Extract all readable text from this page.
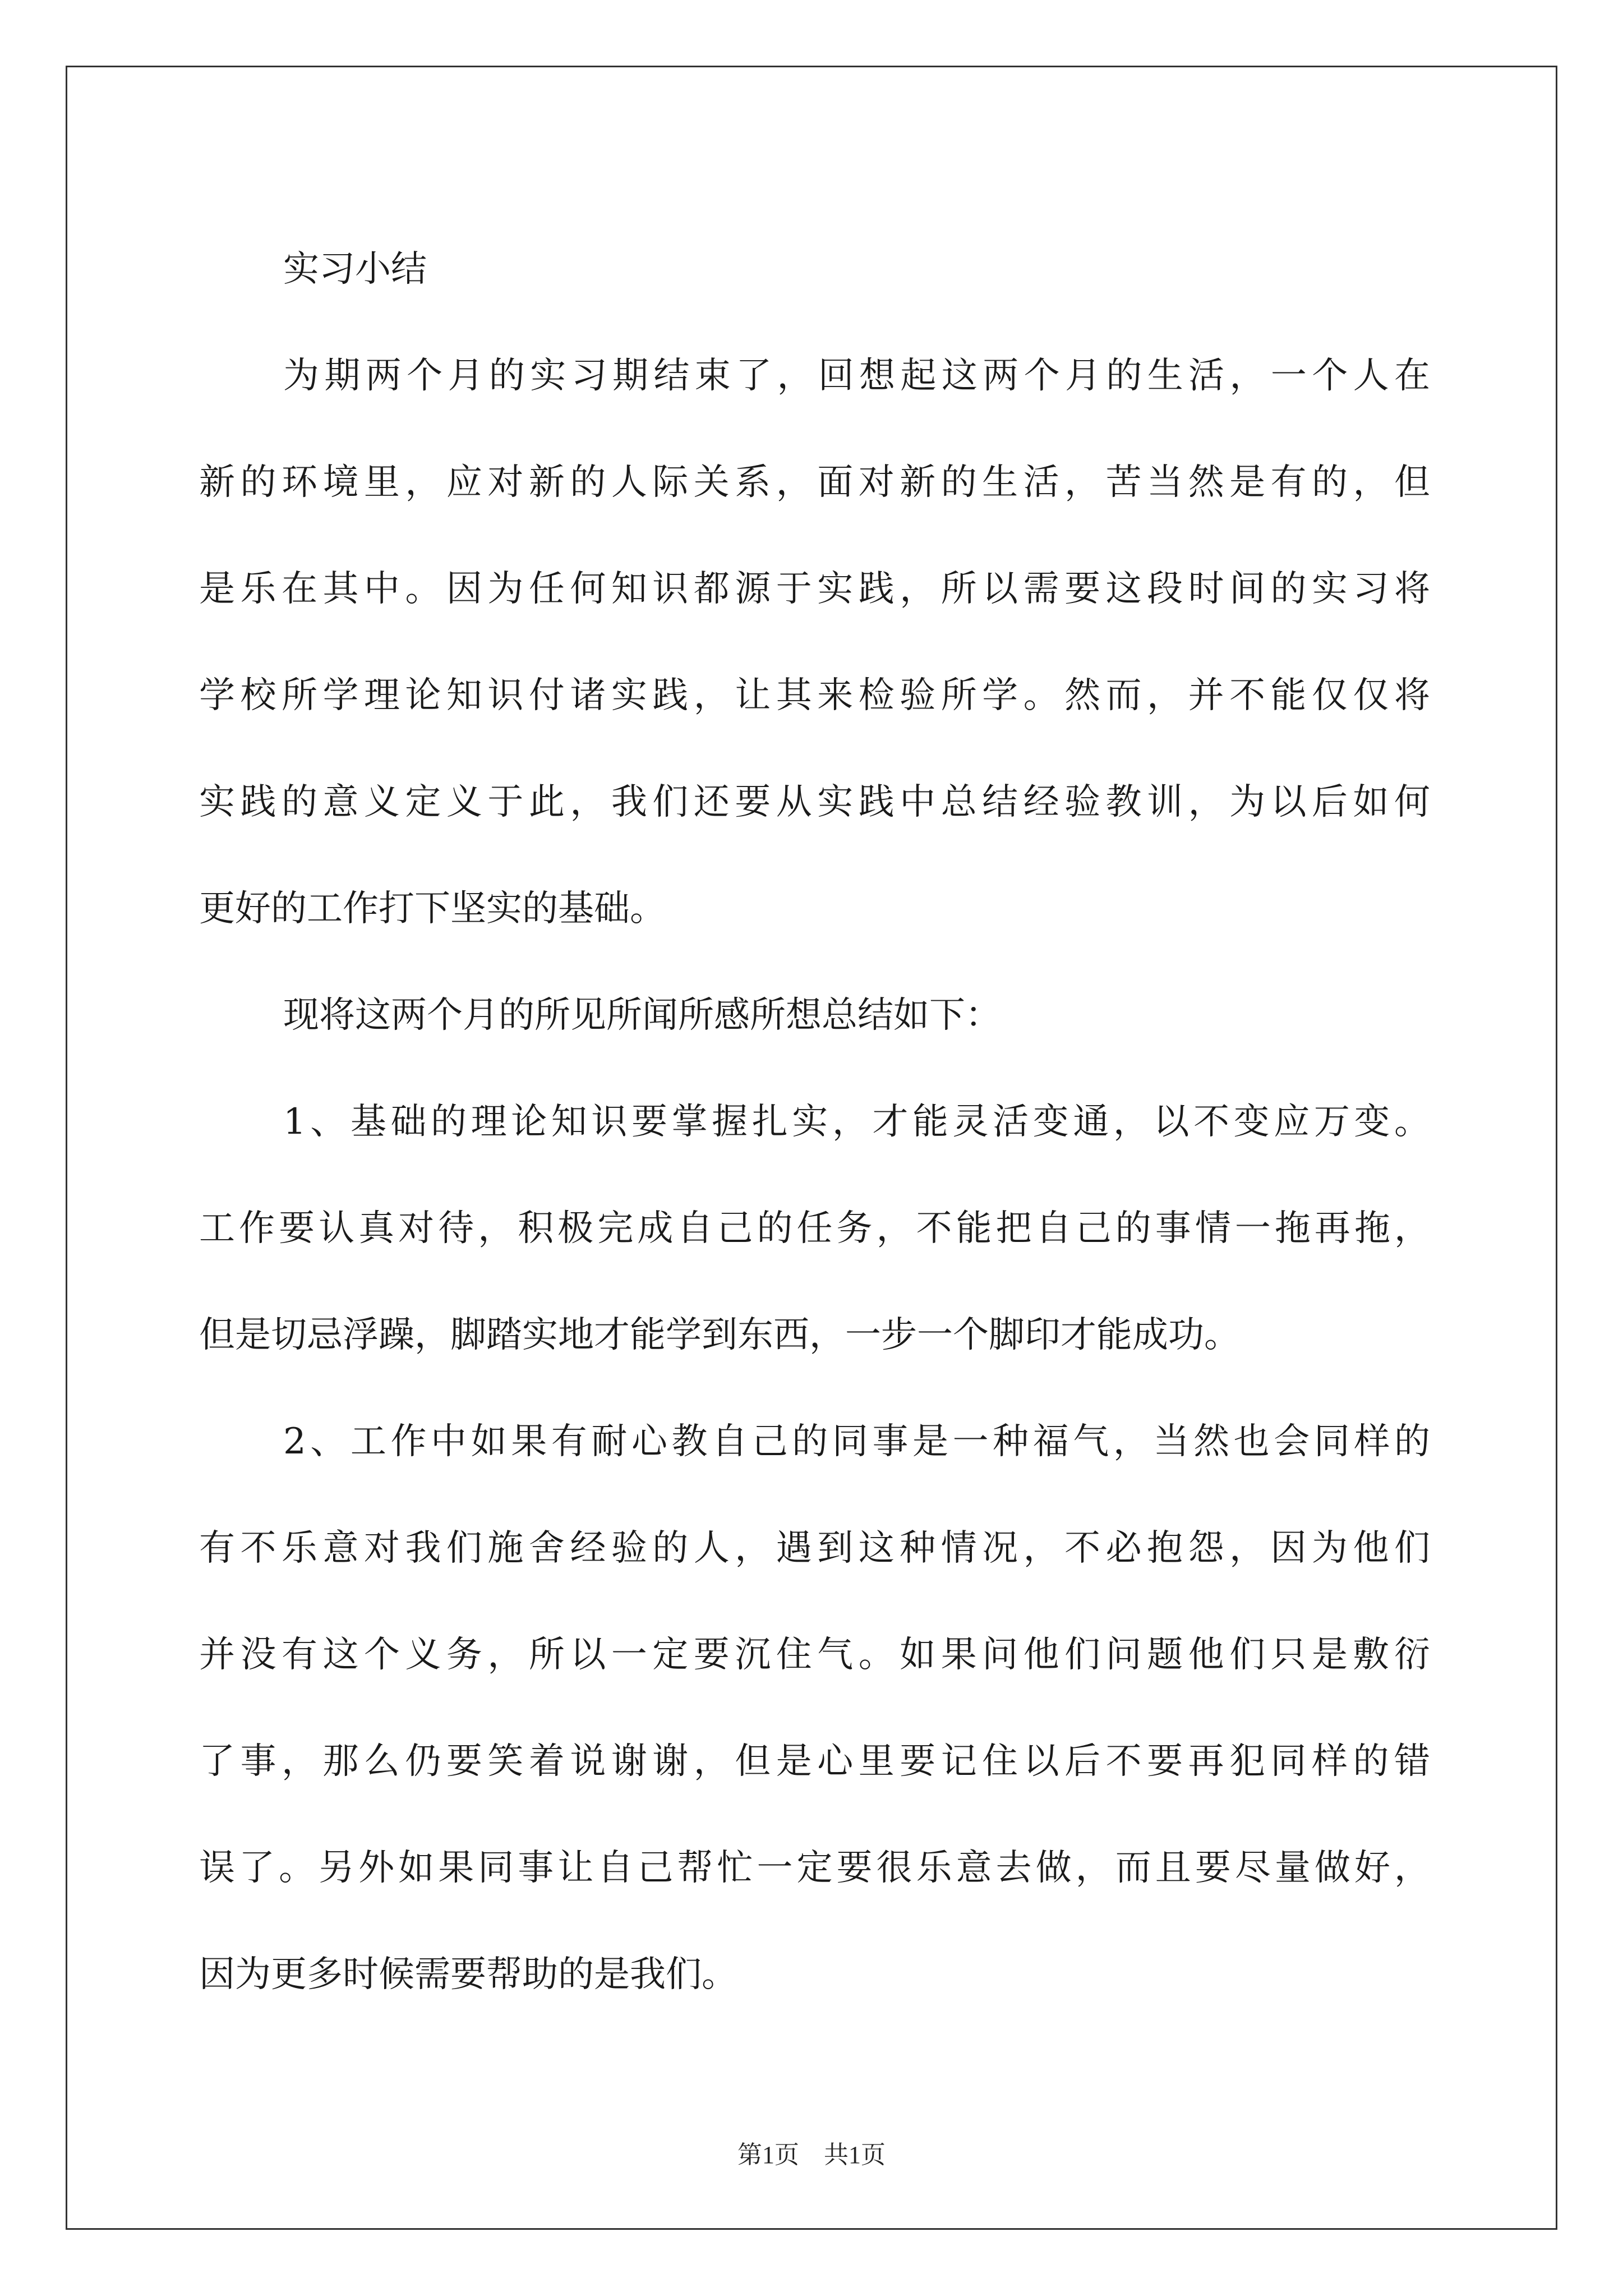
实习小结
为期两个月的实习期结束了，回想起这两个月的生活，一个人在
新的环境里，应对新的人际关系，面对新的生活，苦当然是有的，但
是乐在其中。因为任何知识都源于实践，所以需要这段时间的实习将
学校所学理论知识付诸实践，让其来检验所学。然而，并不能仅仅将
实践的意义定义于此，我们还要从实践中总结经验教训，为以后如何
更好的工作打下坚实的基础。
现将这两个月的所见所闻所感所想总结如下：
1、基础的理论知识要掌握扎实，才能灵活变通，以不变应万变。
工作要认真对待，积极完成自己的任务，不能把自己的事情一拖再拖，
但是切忌浮躁，脚踏实地才能学到东西，一步一个脚印才能成功。
2、工作中如果有耐心教自己的同事是一种福气，当然也会同样的
有不乐意对我们施舍经验的人，遇到这种情况，不必抱怨，因为他们
并没有这个义务，所以一定要沉住气。如果问他们问题他们只是敷衍
了事，那么仍要笑着说谢谢，但是心里要记住以后不要再犯同样的错
误了。另外如果同事让自己帮忙一定要很乐意去做，而且要尽量做好，
因为更多时候需要帮助的是我们。
第1页　共1页
